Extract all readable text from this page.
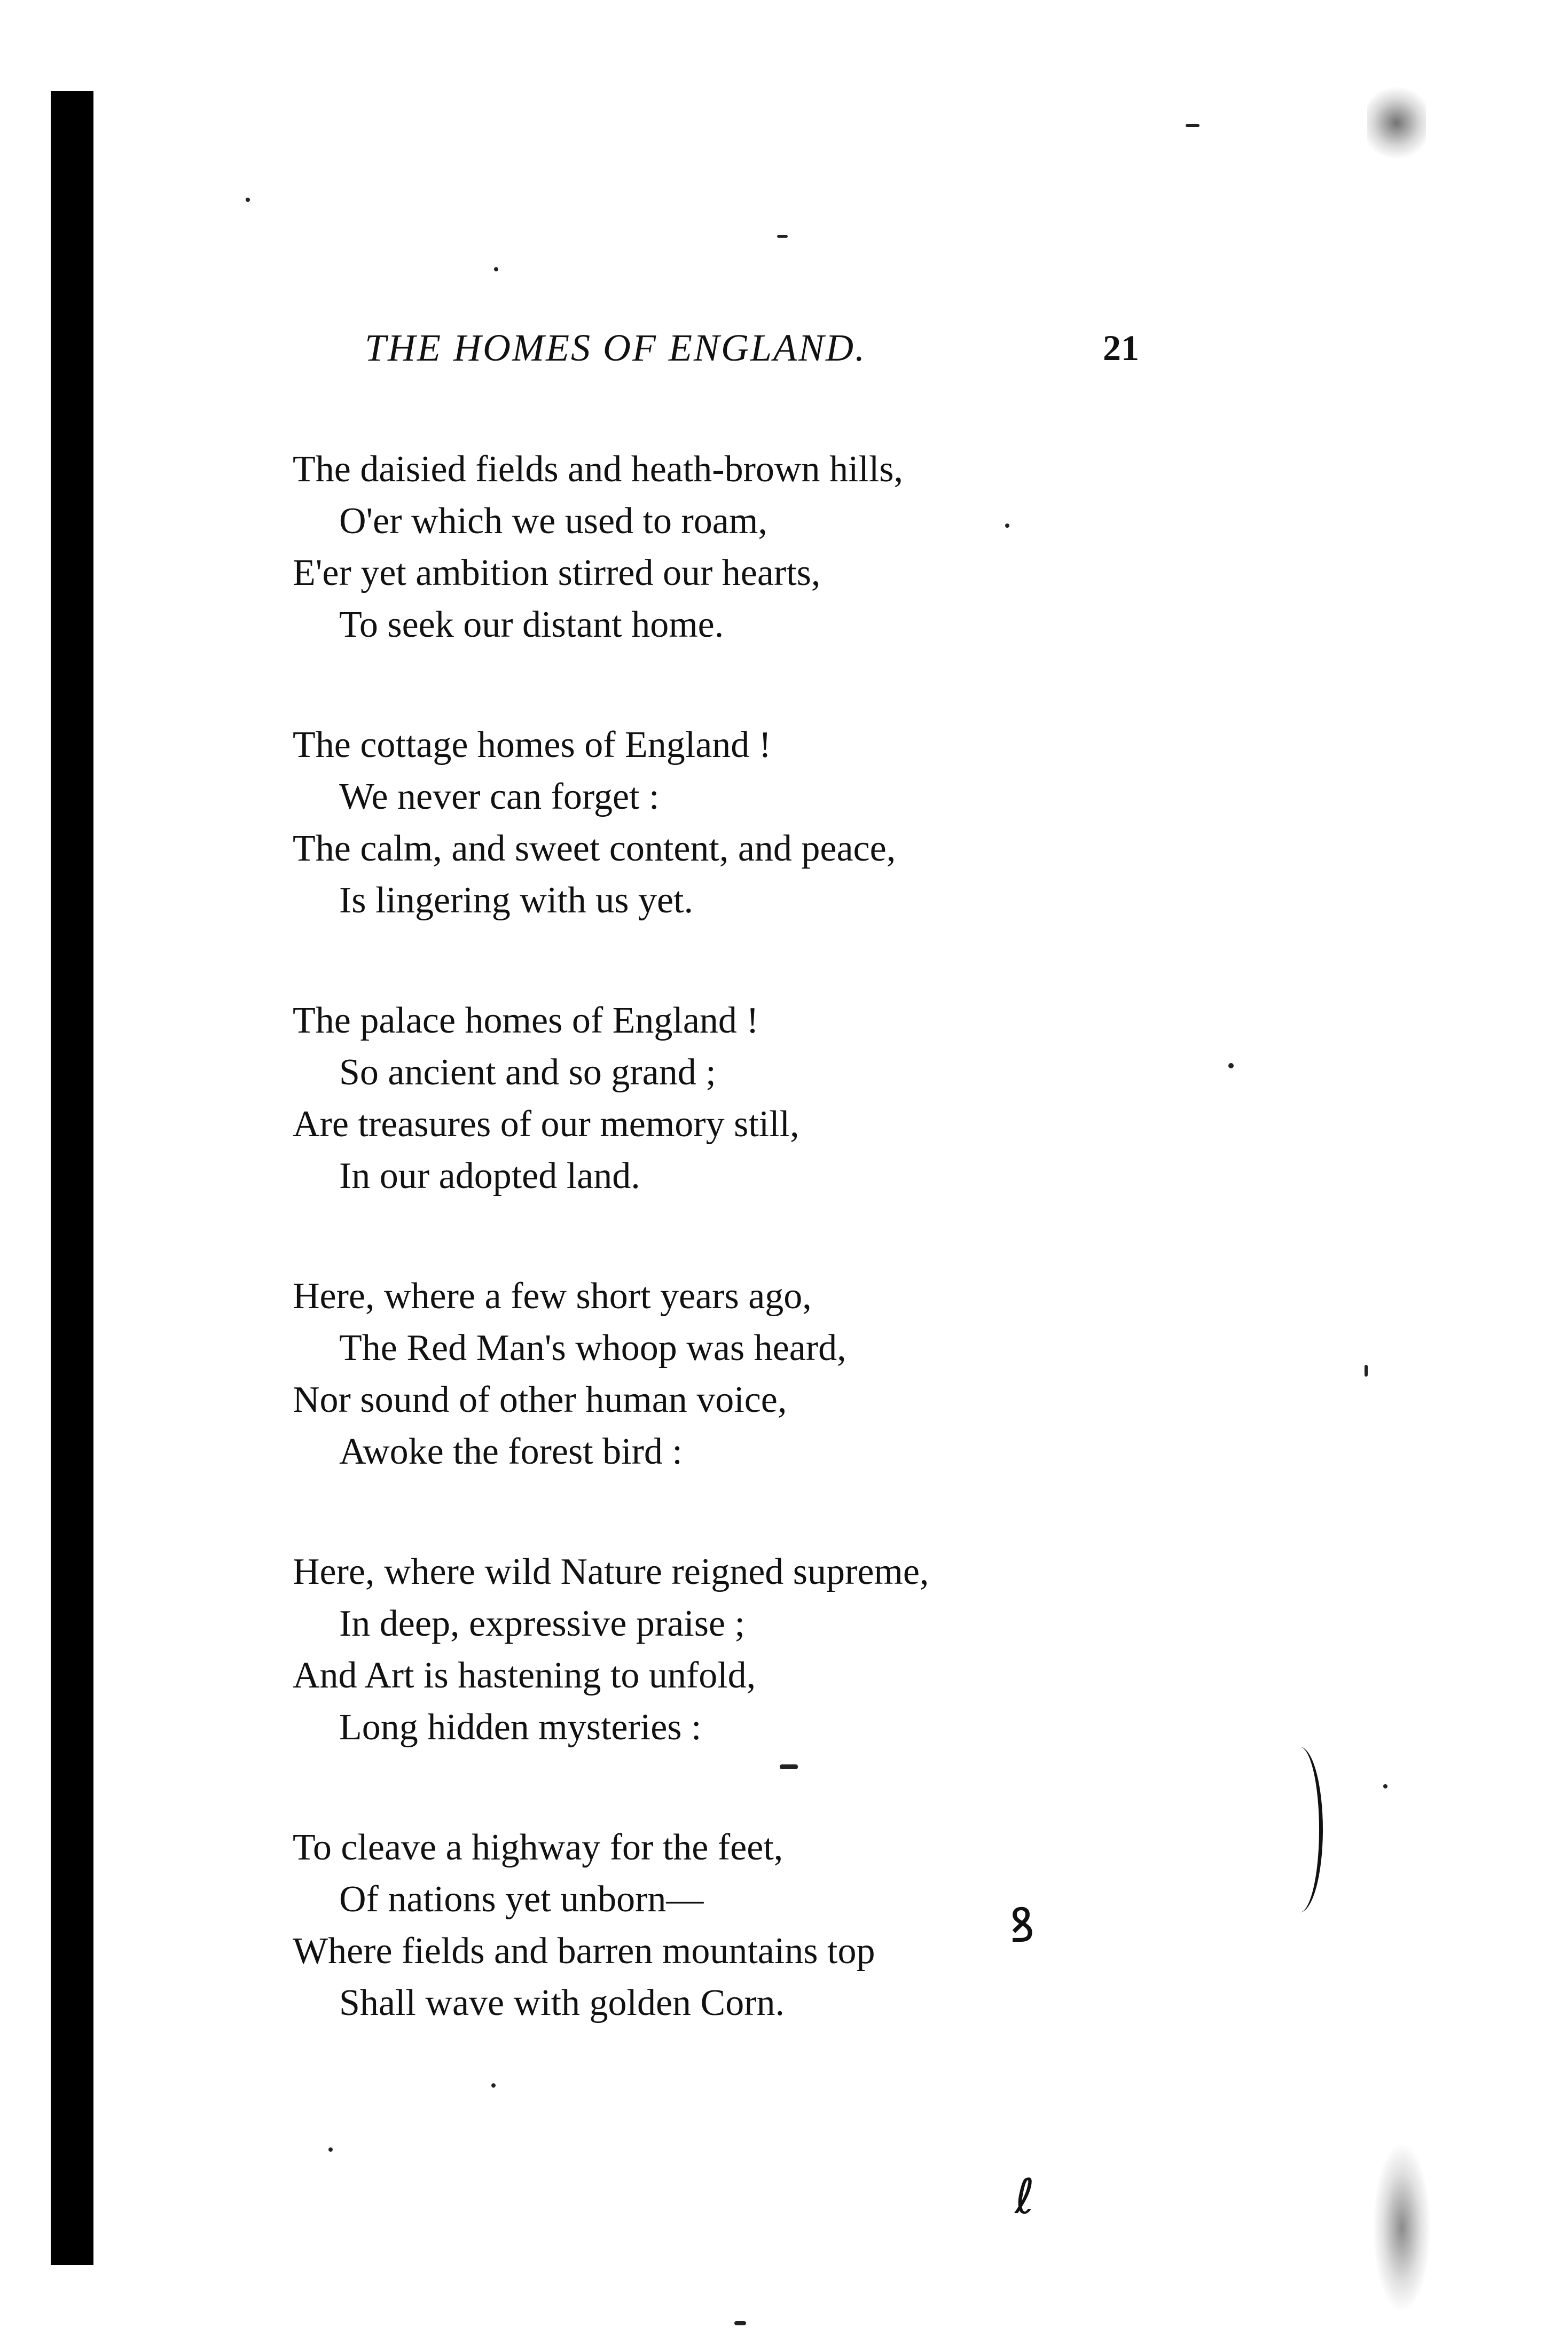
THE HOMES OF ENGLAND.	21
The daisied fields and heath-brown hills,
O'er which we used to roam,
E'er yet ambition stirred our hearts,
To seek our distant home.
The cottage homes of England !
We never can forget :
The calm, and sweet content, and peace,
Is lingering with us yet.
The palace homes of England !
So ancient and so grand ;
Are treasures of our memory still,
In our adopted land.
Here, where a few short years ago,
The Red Man's whoop was heard,
Nor sound of other human voice,
Awoke the forest bird :
Here, where wild Nature reigned supreme,
In deep, expressive praise ;
And Art is hastening to unfold,
Long hidden mysteries :
To cleave a highway for the feet,
Of nations yet unborn—
Where fields and barren mountains top
Shall wave with golden Corn.
ꝸ
ℓ
